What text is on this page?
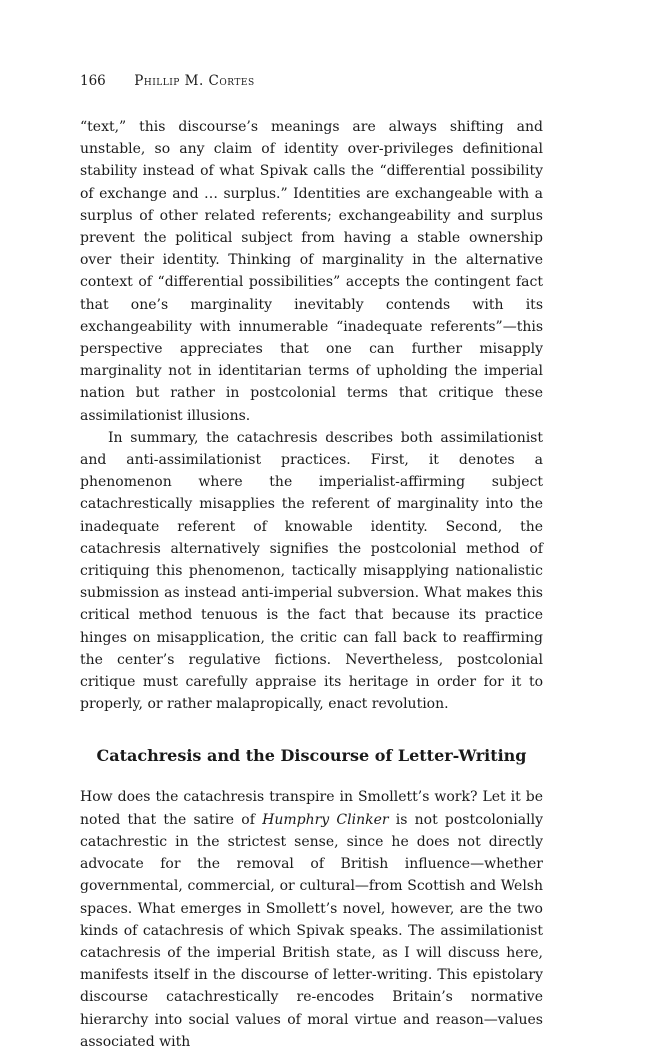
166 Phillip M. Cortes

“text,” this discourse’s meanings are always shifting and unstable, so any claim of identity over-privileges definitional stability instead of what Spivak calls the “differential possibility of exchange and … surplus.” Identities are exchangeable with a surplus of other related referents; exchangeability and surplus prevent the political subject from having a stable ownership over their identity. Thinking of marginality in the alternative context of “differential possibilities” accepts the contingent fact that one’s marginality inevitably contends with its exchangeability with innumerable “inadequate referents”—this perspective appreciates that one can further misapply marginality not in identitarian terms of upholding the imperial nation but rather in postcolonial terms that critique these assimilationist illusions.

In summary, the catachresis describes both assimilationist and anti-assimilationist practices. First, it denotes a phenomenon where the imperialist-affirming subject catachrestically misapplies the referent of marginality into the inadequate referent of knowable identity. Second, the catachresis alternatively signifies the postcolonial method of critiquing this phenomenon, tactically misapplying nationalistic submission as instead anti-imperial subversion. What makes this critical method tenuous is the fact that because its practice hinges on misapplication, the critic can fall back to reaffirming the center’s regulative fictions. Nevertheless, postcolonial critique must carefully appraise its heritage in order for it to properly, or rather malapropically, enact revolution.

Catachresis and the Discourse of Letter-Writing

How does the catachresis transpire in Smollett’s work? Let it be noted that the satire of Humphry Clinker is not postcolonially catachrestic in the strictest sense, since he does not directly advocate for the removal of British influence—whether governmental, commercial, or cultural—from Scottish and Welsh spaces. What emerges in Smollett’s novel, however, are the two kinds of catachresis of which Spivak speaks. The assimilationist catachresis of the imperial British state, as I will discuss here, manifests itself in the discourse of letter-writing. This epistolary discourse catachrestically re-encodes Britain’s normative hierarchy into social values of moral virtue and reason—values associated with
